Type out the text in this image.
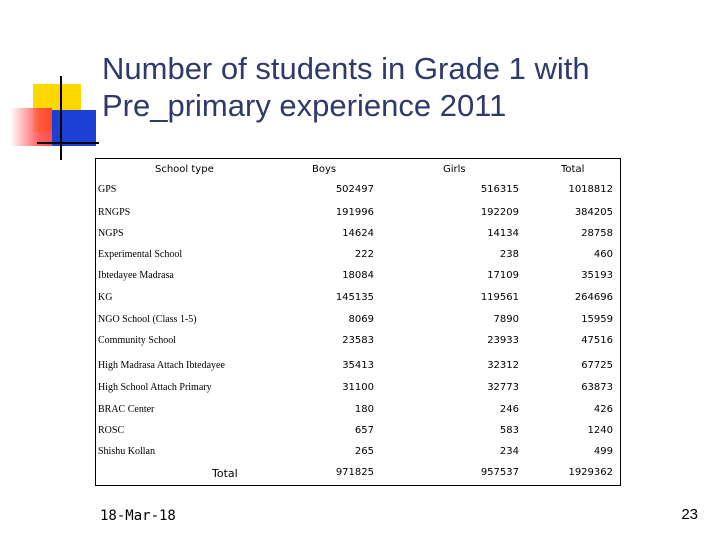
Number of students in Grade 1 with
Pre_primary experience 2011
School type	Boys	Girls	Total
GPS	502497	516315	1018812
RNGPS	191996	192209	384205
NGPS	14624	14134	28758
Experimental School	222	238	460
Ibtedayee Madrasa	18084	17109	35193
KG	145135	119561	264696
NGO School (Class 1-5)	8069	7890	15959
Community School	23583	23933	47516
High Madrasa Attach Ibtedayee	35413	32312	67725
High School Attach Primary	31100	32773	63873
BRAC Center	180	246	426
ROSC	657	583	1240
Shishu Kollan	265	234	499
Total	971825	957537	1929362
18-Mar-18	23
